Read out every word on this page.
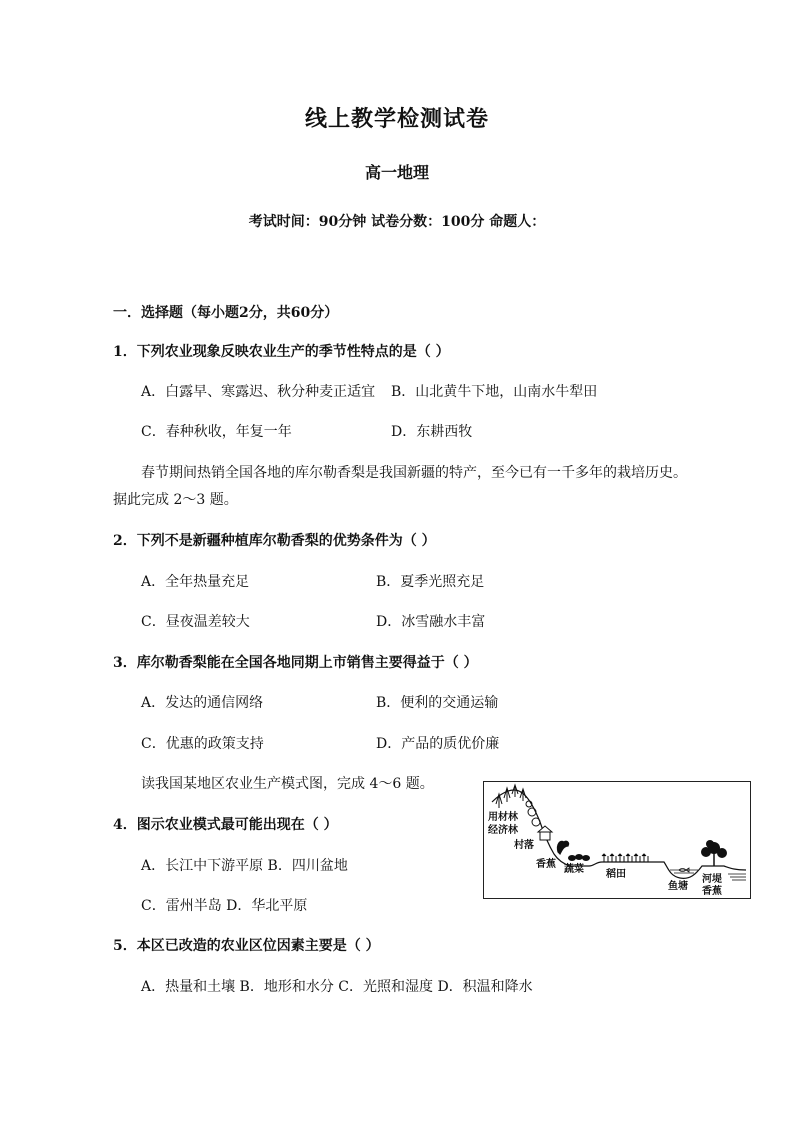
线上教学检测试卷
高一地理
考试时间：90分钟 试卷分数：100分 命题人：
一．选择题（每小题2分，共60分）
1．下列农业现象反映农业生产的季节性特点的是（ ）
A．白露早、寒露迟、秋分种麦正适宜 B．山北黄牛下地，山南水牛犁田
C．春种秋收，年复一年	D．东耕西牧
春节期间热销全国各地的库尔勒香梨是我国新疆的特产，至今已有一千多年的栽培历史。
据此完成 2～3 题。
2．下列不是新疆种植库尔勒香梨的优势条件为（ ）
A．全年热量充足	B．夏季光照充足
C．昼夜温差较大	D．冰雪融水丰富
3．库尔勒香梨能在全国各地同期上市销售主要得益于（ ）
A．发达的通信网络	B．便利的交通运输
C．优惠的政策支持	D．产品的质优价廉
读我国某地区农业生产模式图，完成 4～6 题。
4．图示农业模式最可能出现在（ ）
A．长江中下游平原 B．四川盆地
C．雷州半岛 D．华北平原
5．本区已改造的农业区位因素主要是（ ）
A．热量和土壤 B．地形和水分 C．光照和湿度 D．积温和降水
用材林
经济林
村落
香蕉 蔬菜 稻田
鱼塘
河堤
香蕉
